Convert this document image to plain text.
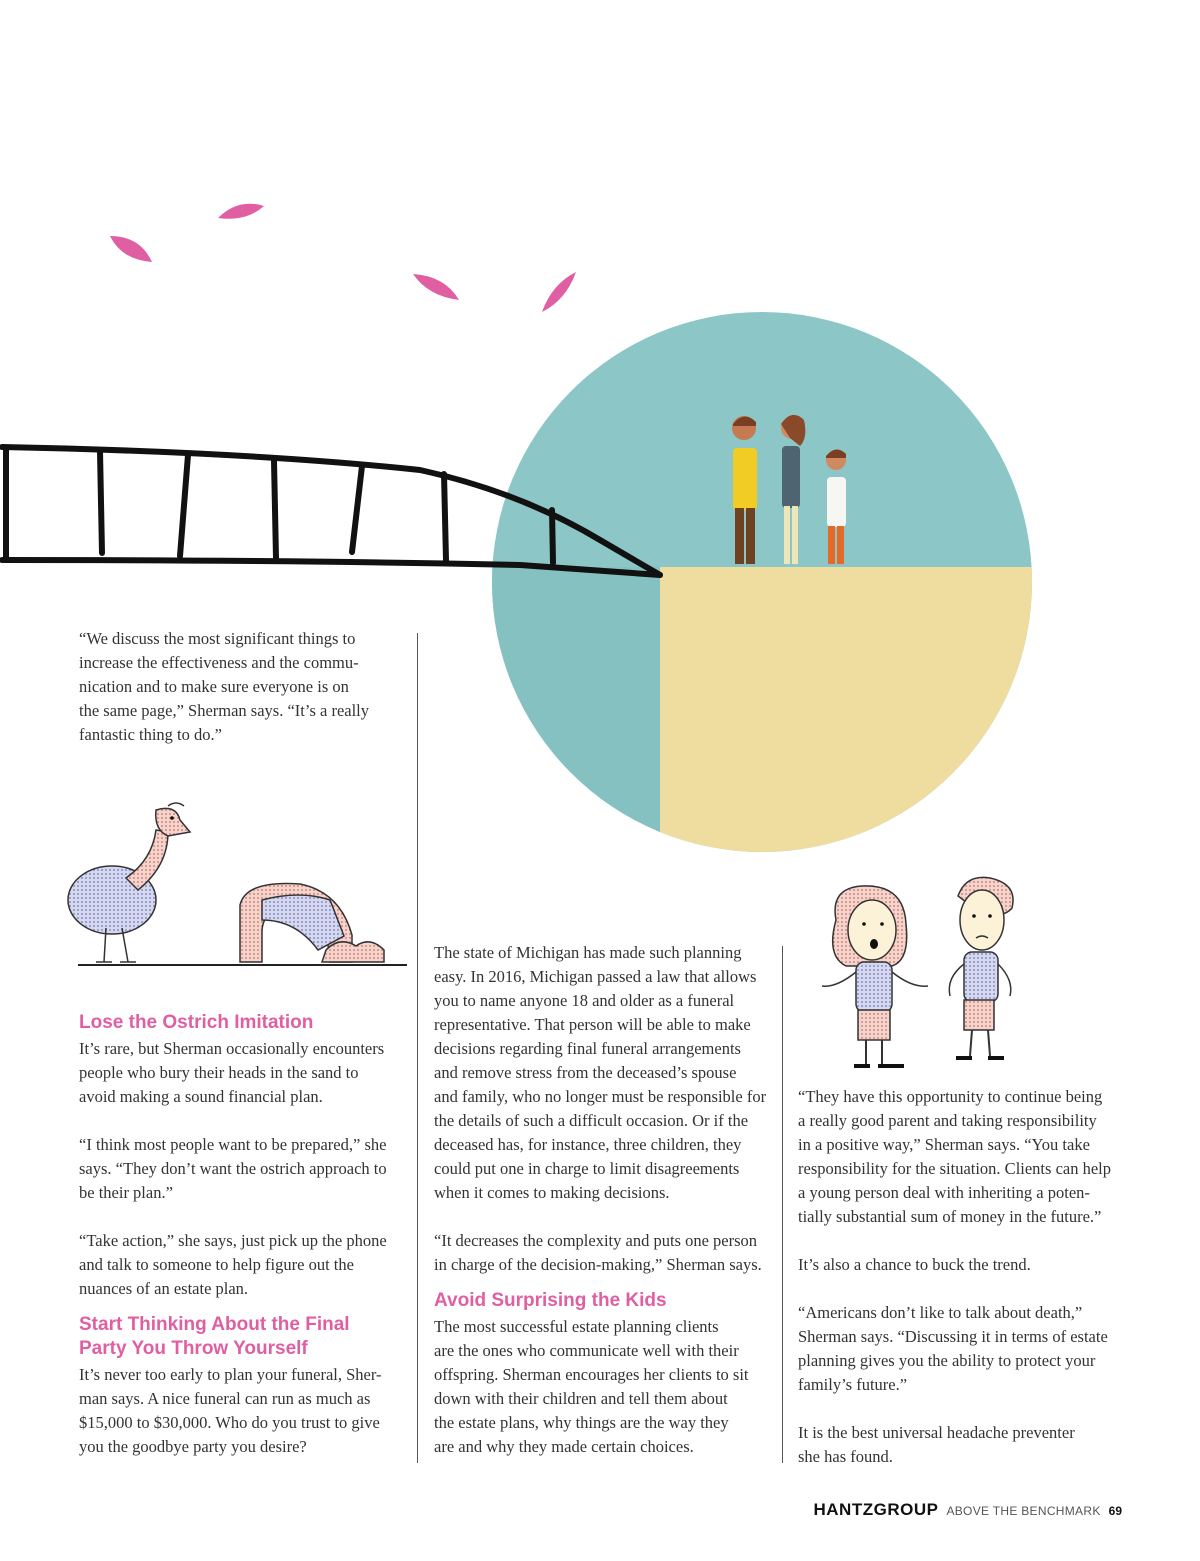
“We discuss the most significant things to
increase the effectiveness and the commu-
nication and to make sure everyone is on
the same page,” Sherman says. “It’s a really
fantastic thing to do.”

Lose the Ostrich Imitation

It’s rare, but Sherman occasionally encounters
people who bury their heads in the sand to
avoid making a sound financial plan.

“I think most people want to be prepared,” she
says. “They don’t want the ostrich approach to
be their plan.”

“Take action,” she says, just pick up the phone
and talk to someone to help figure out the
nuances of an estate plan.

Start Thinking About the Final
Party You Throw Yourself

It’s never too early to plan your funeral, Sher-
man says. A nice funeral can run as much as
$15,000 to $30,000. Who do you trust to give
you the goodbye party you desire?

The state of Michigan has made such planning
easy. In 2016, Michigan passed a law that allows
you to name anyone 18 and older as a funeral
representative. That person will be able to make
decisions regarding final funeral arrangements
and remove stress from the deceased’s spouse
and family, who no longer must be responsible for
the details of such a difficult occasion. Or if the
deceased has, for instance, three children, they
could put one in charge to limit disagreements
when it comes to making decisions.

“It decreases the complexity and puts one person
in charge of the decision-making,” Sherman says.

Avoid Surprising the Kids

The most successful estate planning clients
are the ones who communicate well with their
offspring. Sherman encourages her clients to sit
down with their children and tell them about
the estate plans, why things are the way they
are and why they made certain choices.

“They have this opportunity to continue being
a really good parent and taking responsibility
in a positive way,” Sherman says. “You take
responsibility for the situation. Clients can help
a young person deal with inheriting a poten-
tially substantial sum of money in the future.”

It’s also a chance to buck the trend.

“Americans don’t like to talk about death,”
Sherman says. “Discussing it in terms of estate
planning gives you the ability to protect your
family’s future.”

It is the best universal headache preventer
she has found.

HANTZGROUP ABOVE THE BENCHMARK 69
